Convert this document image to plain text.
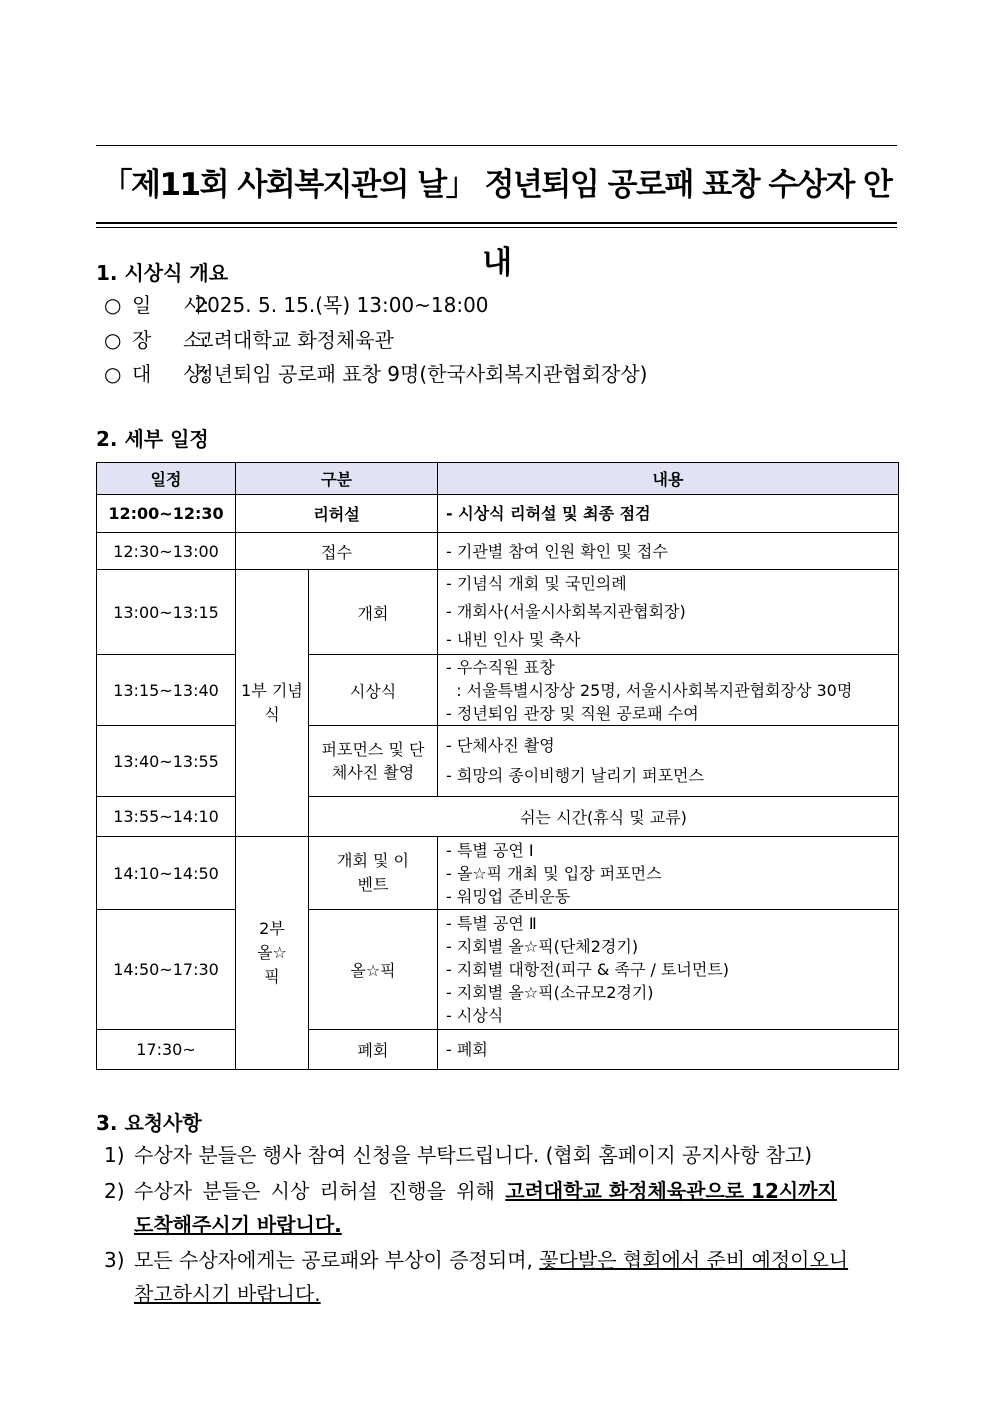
「제11회 사회복지관의 날」 정년퇴임 공로패 표창 수상자 안내
1. 시상식 개요
○ 일     시: 2025. 5. 15.(목) 13:00~18:00
○ 장     소: 고려대학교 화정체육관
○ 대     상: 정년퇴임 공로패 표창 9명(한국사회복지관협회장상)
2. 세부 일정
일정	구분		내용
12:00~12:30	리허설		- 시상식 리허설 및 최종 점검

12:30~13:00	접수		- 기관별 참여 인원 확인 및 접수

13:00~13:15	1부 기념식	개회	- 기념식 개회 및 국민의례
- 개회사(서울시사회복지관협회장)
- 내빈 인사 및 축사

13:15~13:40		시상식	- 우수직원 표창
: 서울특별시장상 25명, 서울시사회복지관협회장상 30명
- 정년퇴임 관장 및 직원 공로패 수여

13:40~13:55		퍼포먼스 및 단체사진 촬영	- 단체사진 촬영
- 희망의 종이비행기 날리기 퍼포먼스

13:55~14:10		쉬는 시간(휴식 및 교류)	
14:10~14:50	2부 올☆픽	개회 및 이벤트	- 특별 공연 Ⅰ
- 올☆픽 개최 및 입장 퍼포먼스
- 워밍업 준비운동

14:50~17:30		올☆픽	- 특별 공연 Ⅱ
- 지회별 올☆픽(단체2경기)
- 지회별 대항전(피구 & 족구 / 토너먼트)
- 지회별 올☆픽(소규모2경기)
- 시상식

17:30~		폐회	- 폐회
3. 요청사항
1) 수상자 분들은 행사 참여 신청을 부탁드립니다. (협회 홈페이지 공지사항 참고)
2) 수상자 분들은 시상 리허설 진행을 위해 고려대학교 화정체육관으로 12시까지
도착해주시기 바랍니다.
3) 모든 수상자에게는 공로패와 부상이 증정되며, 꽃다발은 협회에서 준비 예정이오니
참고하시기 바랍니다.
